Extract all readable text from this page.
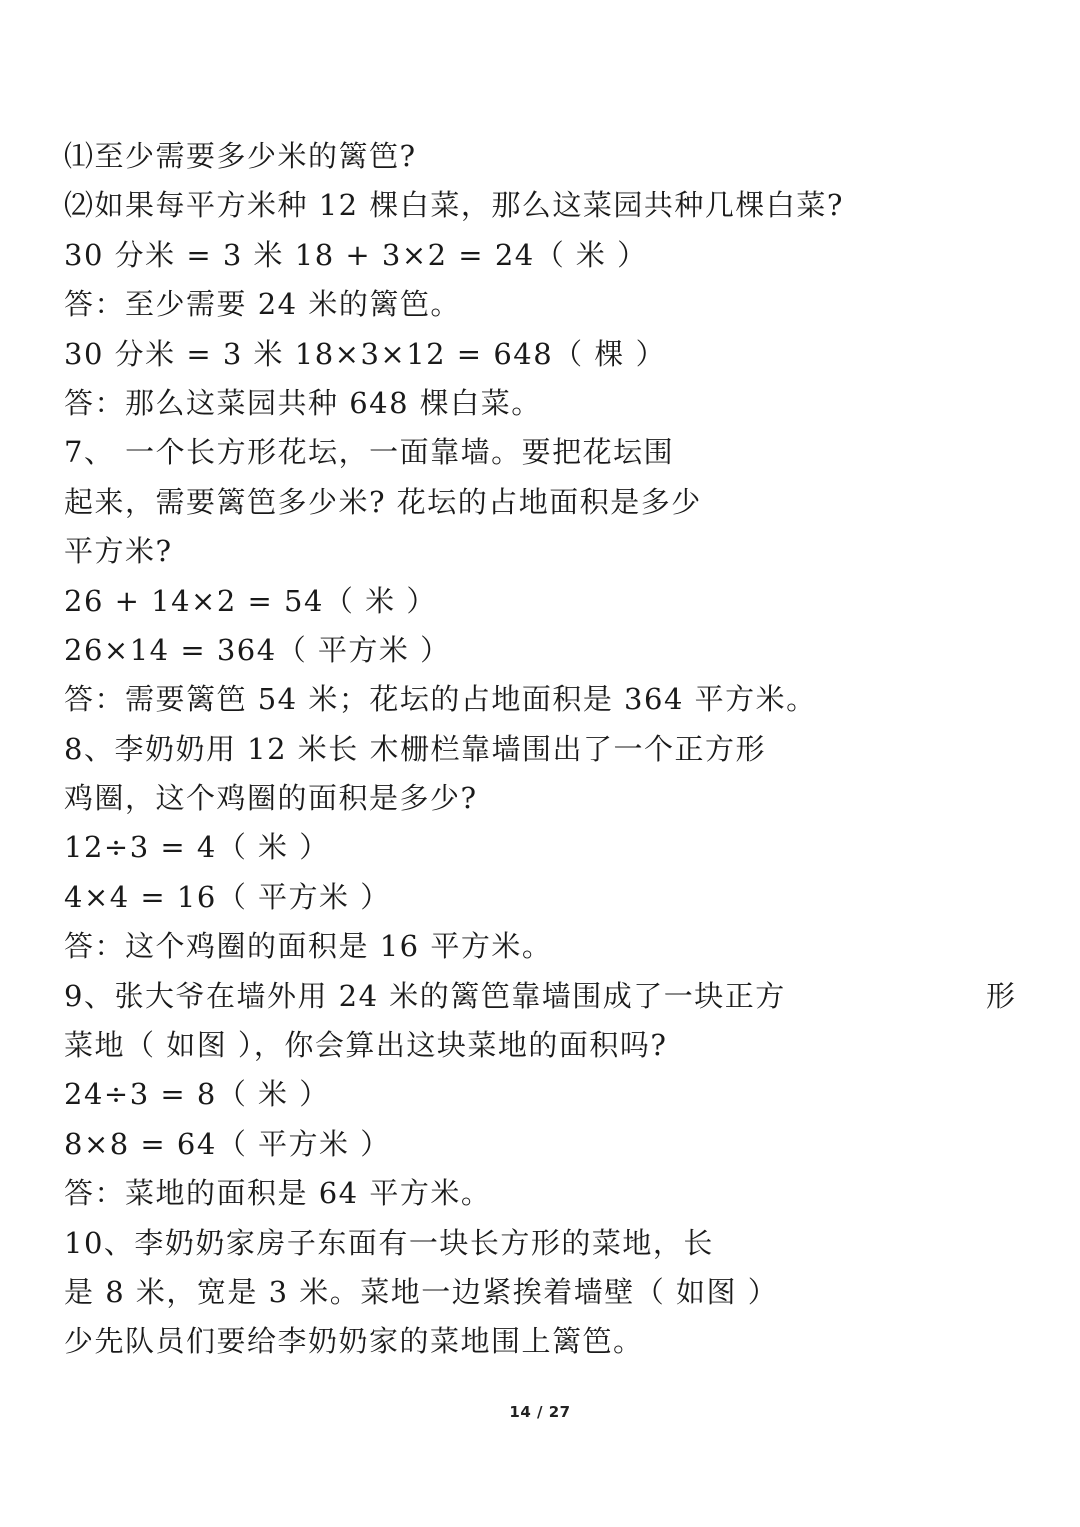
⑴至少需要多少米的篱笆?
⑵如果每平方米种 12 棵白菜，那么这菜园共种几棵白菜?
30 分米 = 3 米 18 + 3×2 = 24（ 米 ）
答：至少需要 24 米的篱笆。
30 分米 = 3 米 18×3×12 = 648（ 棵 ）
答：那么这菜园共种 648 棵白菜。
7、 一个长方形花坛，一面靠墙。要把花坛围
起来，需要篱笆多少米? 花坛的占地面积是多少
平方米?
26 + 14×2 = 54（ 米 ）
26×14 = 364（ 平方米 ）
答：需要篱笆 54 米；花坛的占地面积是 364 平方米。
8、李奶奶用 12 米长 木栅栏靠墙围出了一个正方形
鸡圈，这个鸡圈的面积是多少?
12÷3 = 4（ 米 ）
4×4 = 16（ 平方米 ）
答：这个鸡圈的面积是 16 平方米。
9、张大爷在墙外用 24 米的篱笆靠墙围成了一块正方	形
菜地（ 如图 ），你会算出这块菜地的面积吗?
24÷3 = 8（ 米 ）
8×8 = 64（ 平方米 ）
答：菜地的面积是 64 平方米。
10、李奶奶家房子东面有一块长方形的菜地，长
是 8 米，宽是 3 米。菜地一边紧挨着墙壁（ 如图 ）
少先队员们要给李奶奶家的菜地围上篱笆。
14 / 27
